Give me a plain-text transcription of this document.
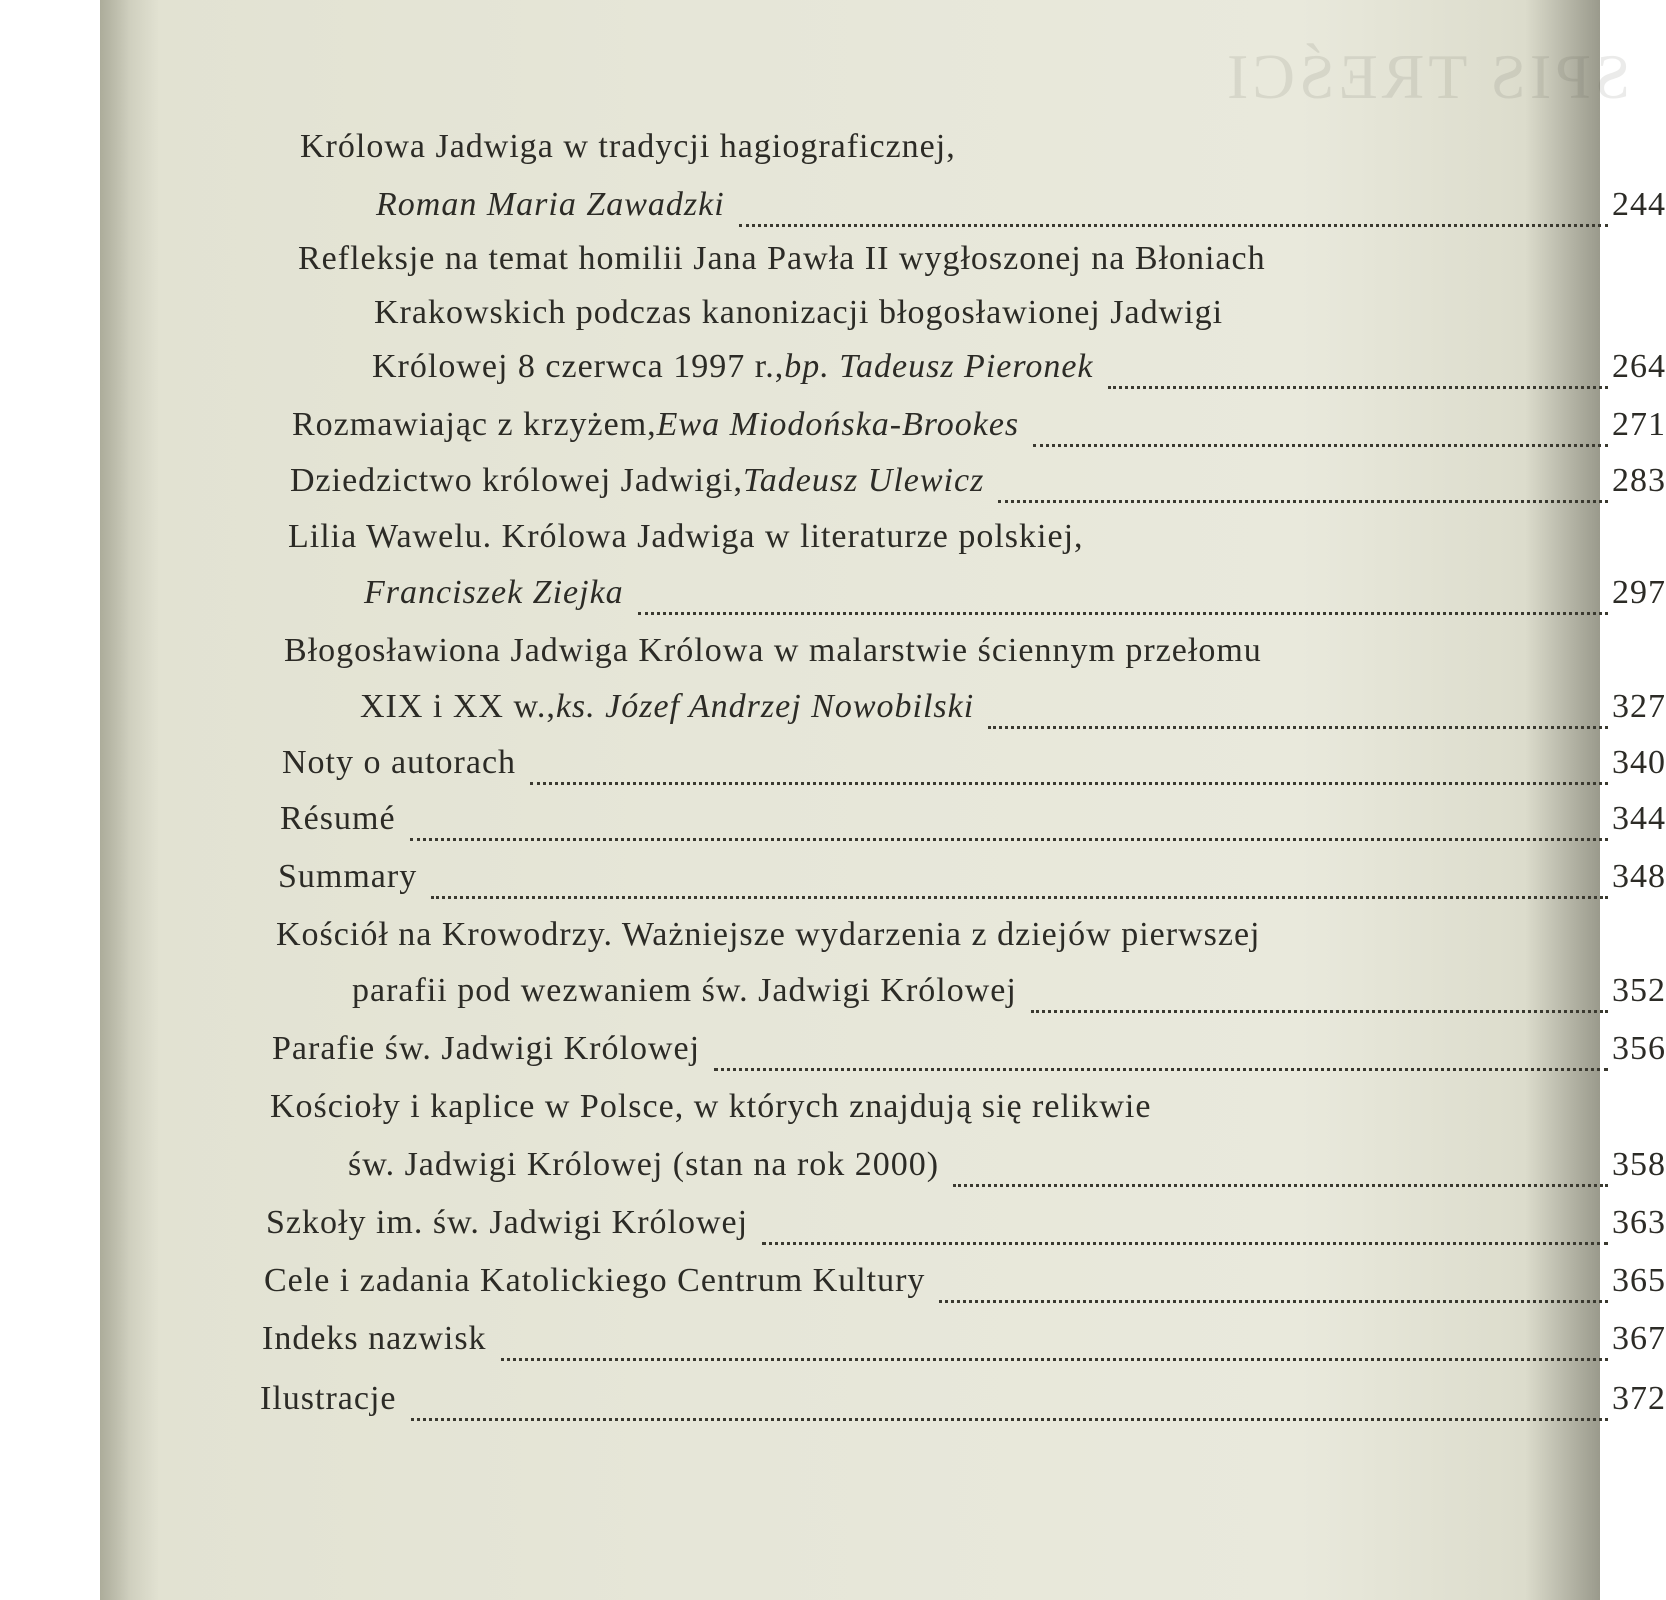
SPIS TREŚCI
Królowa Jadwiga w tradycji hagiograficznej,
Roman Maria Zawadzki	244
Refleksje na temat homilii Jana Pawła II wygłoszonej na Błoniach
Krakowskich podczas kanonizacji błogosławionej Jadwigi
Królowej 8 czerwca 1997 r., bp. Tadeusz Pieronek	264
Rozmawiając z krzyżem, Ewa Miodońska-Brookes	271
Dziedzictwo królowej Jadwigi, Tadeusz Ulewicz	283
Lilia Wawelu. Królowa Jadwiga w literaturze polskiej,
Franciszek Ziejka	297
Błogosławiona Jadwiga Królowa w malarstwie ściennym przełomu
XIX i XX w., ks. Józef Andrzej Nowobilski	327
Noty o autorach	340
Résumé	344
Summary	348
Kościół na Krowodrzy. Ważniejsze wydarzenia z dziejów pierwszej
parafii pod wezwaniem św. Jadwigi Królowej	352
Parafie św. Jadwigi Królowej	356
Kościoły i kaplice w Polsce, w których znajdują się relikwie
św. Jadwigi Królowej (stan na rok 2000)	358
Szkoły im. św. Jadwigi Królowej	363
Cele i zadania Katolickiego Centrum Kultury	365
Indeks nazwisk	367
Ilustracje	372
